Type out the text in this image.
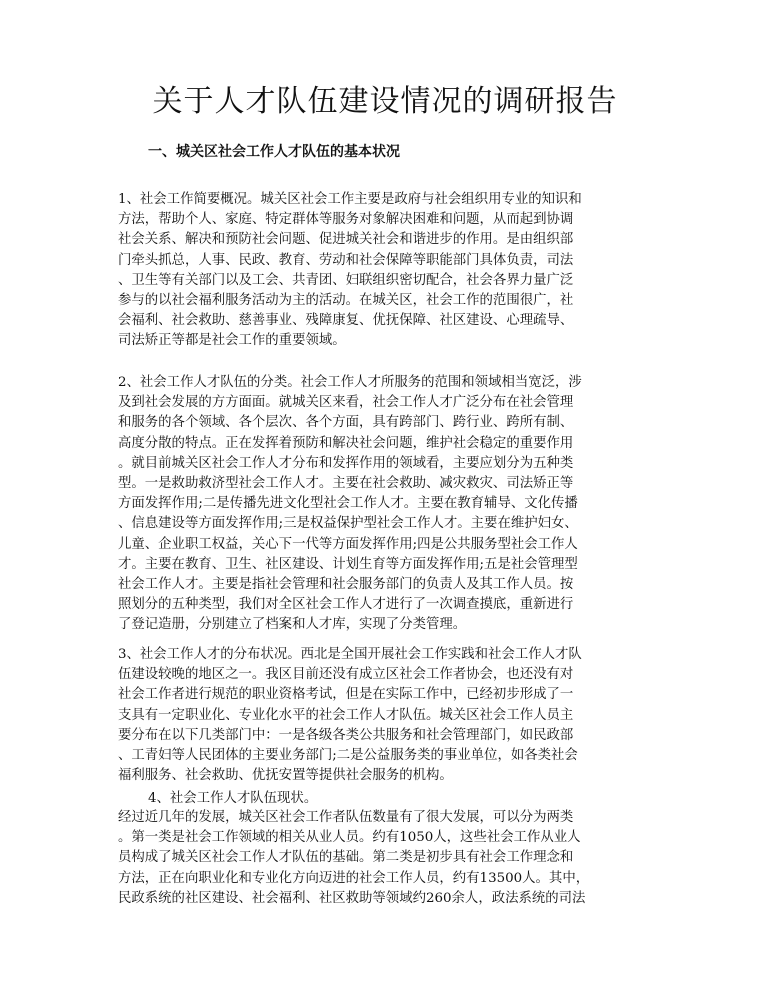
关于人才队伍建设情况的调研报告
一、城关区社会工作人才队伍的基本状况
1、社会工作简要概况。城关区社会工作主要是政府与社会组织用专业的知识和
方法，帮助个人、家庭、特定群体等服务对象解决困难和问题，从而起到协调
社会关系、解决和预防社会问题、促进城关社会和谐进步的作用。是由组织部
门牵头抓总，人事、民政、教育、劳动和社会保障等职能部门具体负责，司法
、卫生等有关部门以及工会、共青团、妇联组织密切配合，社会各界力量广泛
参与的以社会福利服务活动为主的活动。在城关区，社会工作的范围很广，社
会福利、社会救助、慈善事业、残障康复、优抚保障、社区建设、心理疏导、
司法矫正等都是社会工作的重要领域。
2、社会工作人才队伍的分类。社会工作人才所服务的范围和领域相当宽泛，涉
及到社会发展的方方面面。就城关区来看，社会工作人才广泛分布在社会管理
和服务的各个领域、各个层次、各个方面，具有跨部门、跨行业、跨所有制、
高度分散的特点。正在发挥着预防和解决社会问题，维护社会稳定的重要作用
。就目前城关区社会工作人才分布和发挥作用的领域看，主要应划分为五种类
型。一是救助救济型社会工作人才。主要在社会救助、减灾救灾、司法矫正等
方面发挥作用;二是传播先进文化型社会工作人才。主要在教育辅导、文化传播
、信息建设等方面发挥作用;三是权益保护型社会工作人才。主要在维护妇女、
儿童、企业职工权益，关心下一代等方面发挥作用;四是公共服务型社会工作人
才。主要在教育、卫生、社区建设、计划生育等方面发挥作用;五是社会管理型
社会工作人才。主要是指社会管理和社会服务部门的负责人及其工作人员。按
照划分的五种类型，我们对全区社会工作人才进行了一次调查摸底，重新进行
了登记造册，分别建立了档案和人才库，实现了分类管理。
3、社会工作人才的分布状况。西北是全国开展社会工作实践和社会工作人才队
伍建设较晚的地区之一。我区目前还没有成立区社会工作者协会，也还没有对
社会工作者进行规范的职业资格考试，但是在实际工作中，已经初步形成了一
支具有一定职业化、专业化水平的社会工作人才队伍。城关区社会工作人员主
要分布在以下几类部门中：一是各级各类公共服务和社会管理部门，如民政部
、工青妇等人民团体的主要业务部门;二是公益服务类的事业单位，如各类社会
福利服务、社会救助、优抚安置等提供社会服务的机构。
4、社会工作人才队伍现状。
经过近几年的发展，城关区社会工作者队伍数量有了很大发展，可以分为两类
。第一类是社会工作领域的相关从业人员。约有1050人，这些社会工作从业人
员构成了城关区社会工作人才队伍的基础。第二类是初步具有社会工作理念和
方法，正在向职业化和专业化方向迈进的社会工作人员，约有13500人。其中，
民政系统的社区建设、社会福利、社区救助等领域约260余人，政法系统的司法
